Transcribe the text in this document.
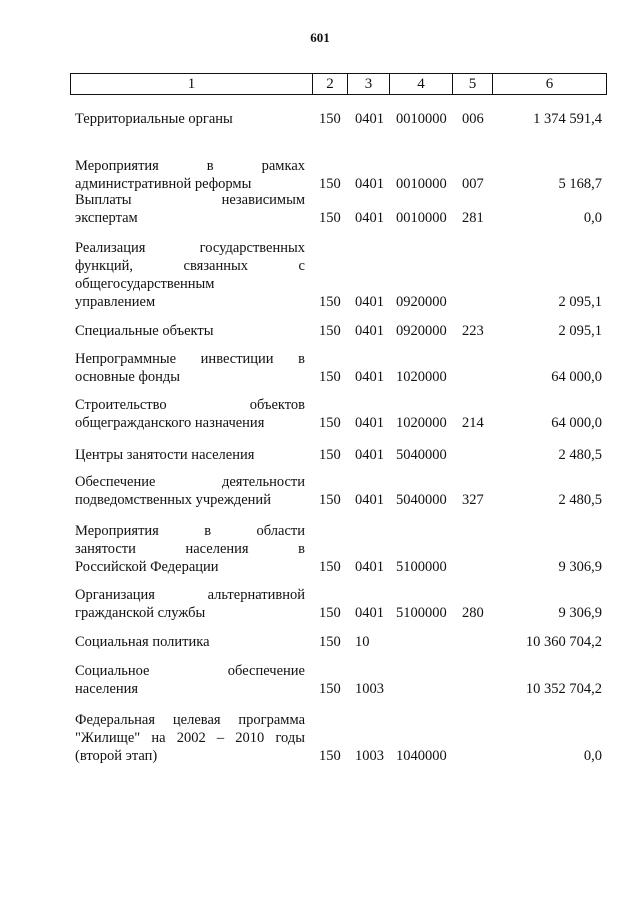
601
1	2	3	4	5	6
Территориальные органы	150 0401 0010000 006	1 374 591,4
Мероприятия в рамках
административной реформы	150 0401 0010000 007	5 168,7
Выплаты независимым
экспертам	150 0401 0010000 281	0,0
Реализация государственных
функций, связанных с
общегосударственным
управлением	150 0401 0920000	2 095,1
Специальные объекты	150 0401 0920000 223	2 095,1
Непрограммные инвестиции в
основные фонды	150 0401 1020000	64 000,0
Строительство объектов
общегражданского назначения	150 0401 1020000 214	64 000,0
Центры занятости населения	150 0401 5040000	2 480,5
Обеспечение деятельности
подведомственных учреждений	150 0401 5040000 327	2 480,5
Мероприятия в области
занятости населения в
Российской Федерации	150 0401 5100000	9 306,9
Организация альтернативной
гражданской службы	150 0401 5100000 280	9 306,9
Социальная политика	150 10	10 360 704,2
Социальное обеспечение
населения	150 1003	10 352 704,2
Федеральная целевая программа
"Жилище" на 2002 – 2010 годы
(второй этап)	150 1003 1040000	0,0
